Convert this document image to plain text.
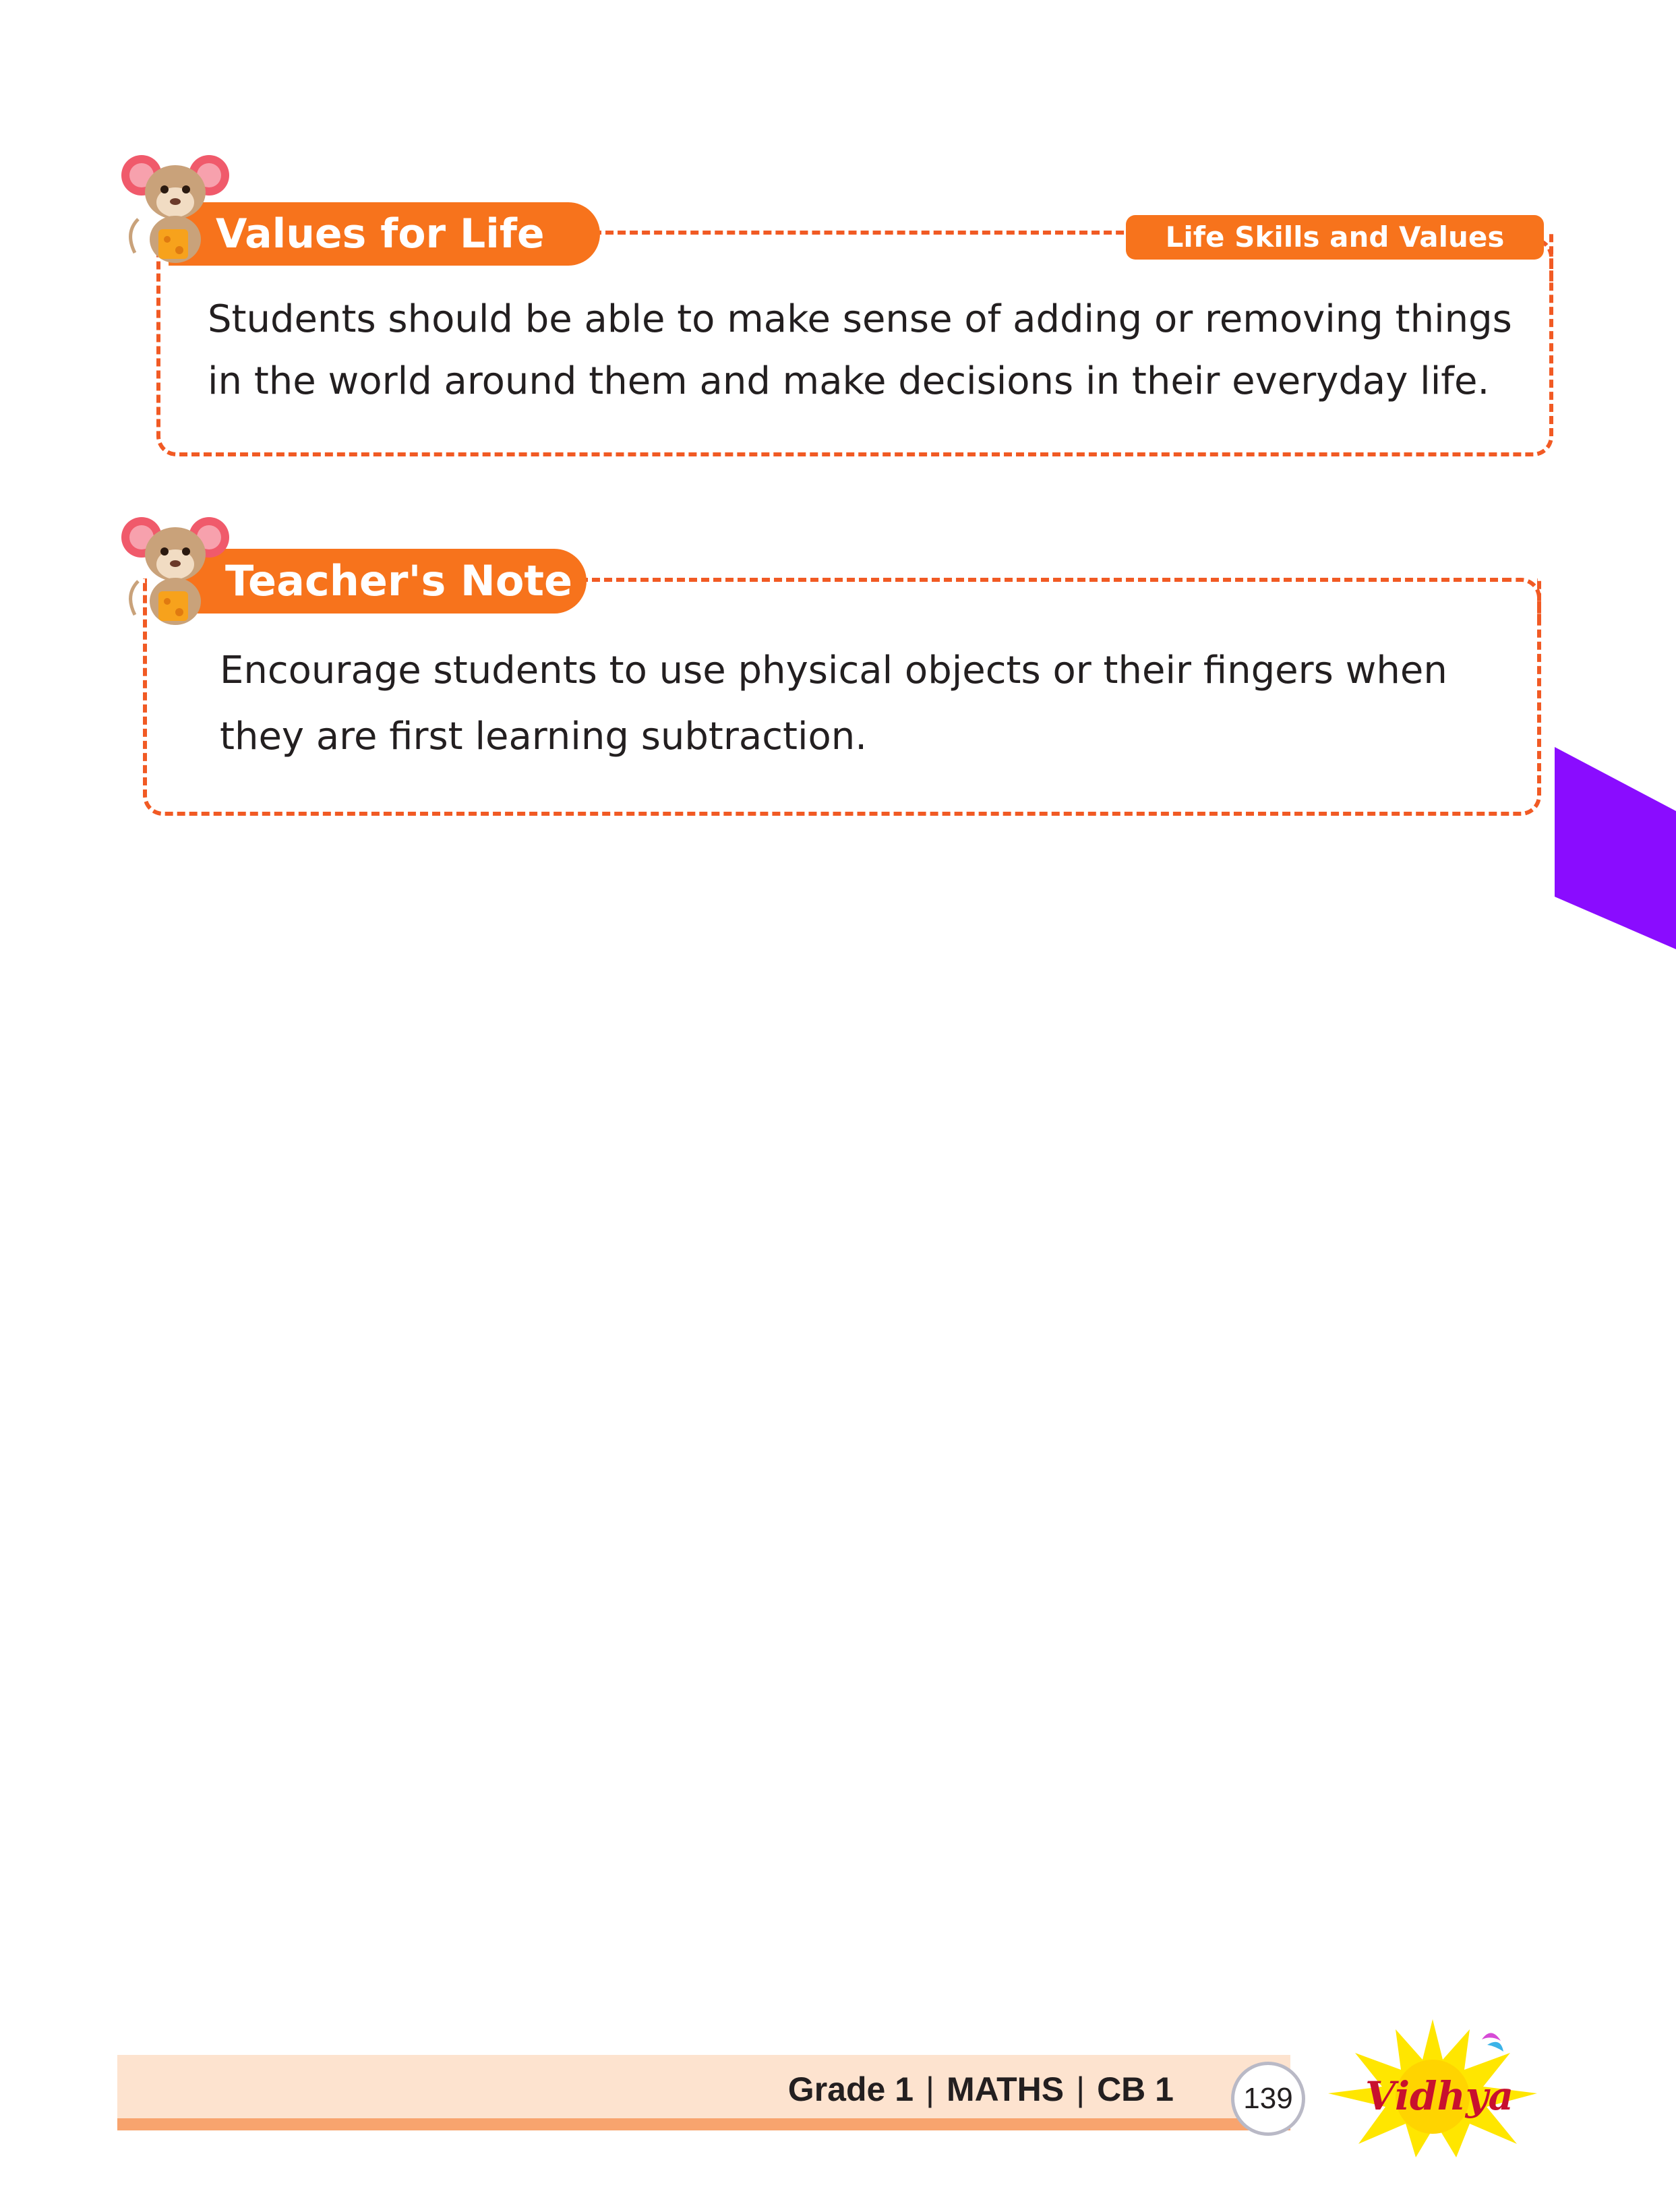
Values for Life	Life Skills and Values
Students should be able to make sense of adding or removing things
in the world around them and make decisions in their everyday life.
Teacher's Note
Encourage students to use physical objects or their fingers when
they are first learning subtraction.
Grade 1 | MATHS | CB 1	139	Vidhya
